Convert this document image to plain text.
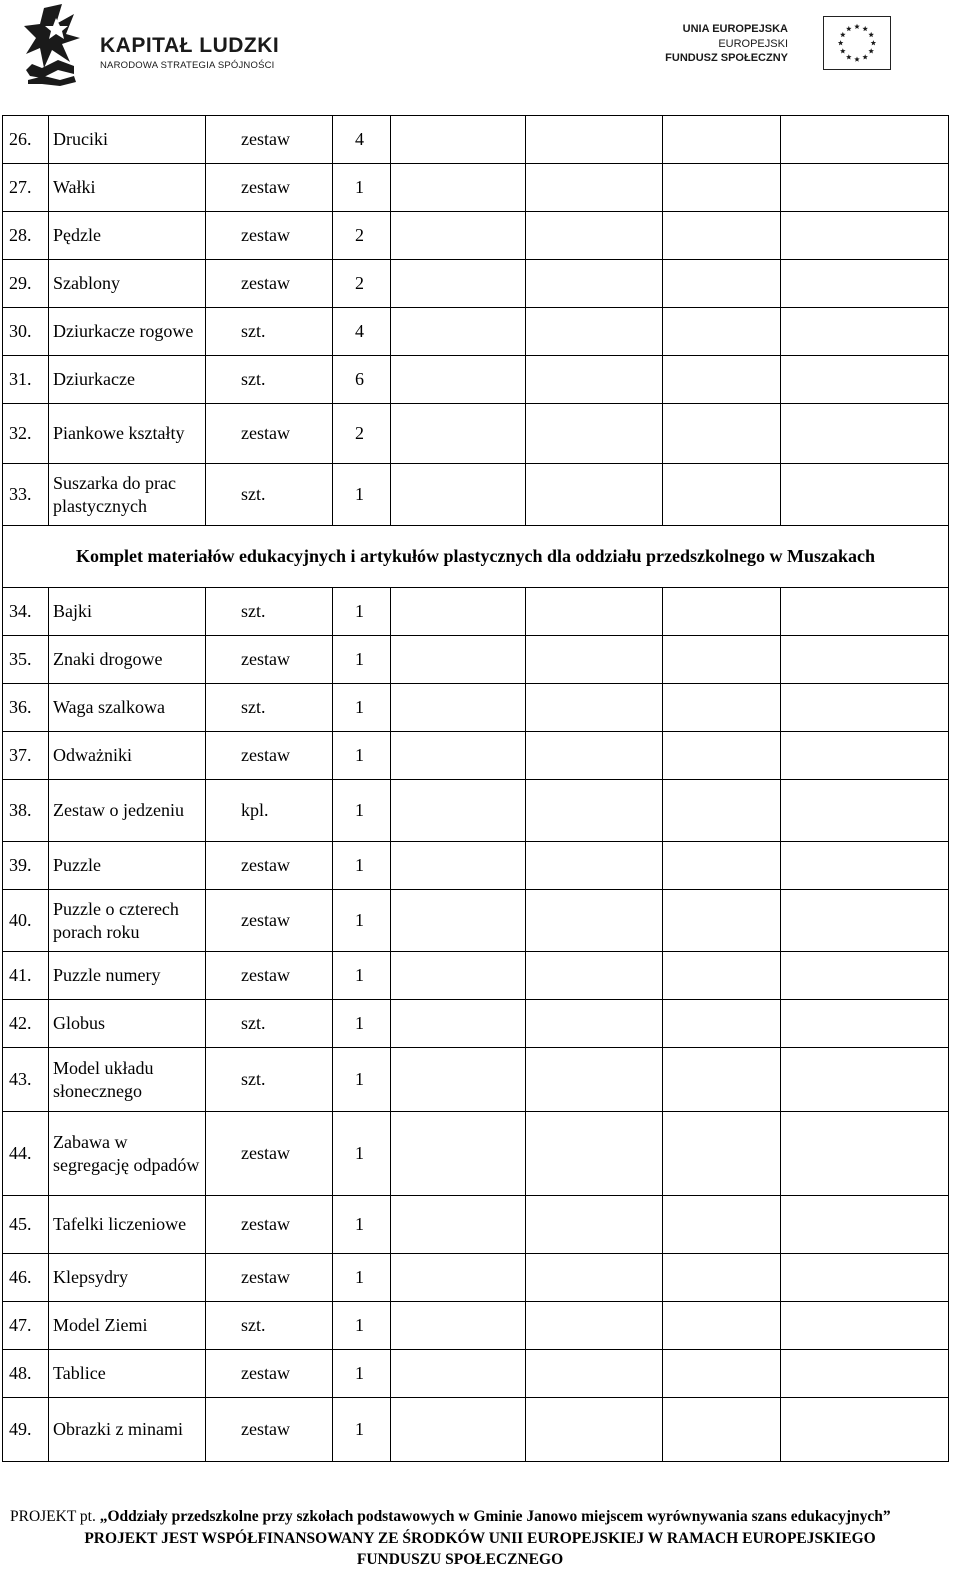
KAPITAŁ LUDZKI
NARODOWA STRATEGIA SPÓJNOŚCI
UNIA EUROPEJSKA
EUROPEJSKI
FUNDUSZ SPOŁECZNY
26.	Druciki	zestaw	4				
27.	Wałki	zestaw	1				
28.	Pędzle	zestaw	2				
29.	Szablony	zestaw	2				
30.	Dziurkacze rogowe	szt.	4				
31.	Dziurkacze	szt.	6				
32.	Piankowe kształty	zestaw	2				
33.	Suszarka do prac plastycznych	szt.	1				
Komplet materiałów edukacyjnych i artykułów plastycznych dla oddziału przedszkolnego w Muszakach							
34.	Bajki	szt.	1				
35.	Znaki drogowe	zestaw	1				
36.	Waga szalkowa	szt.	1				
37.	Odważniki	zestaw	1				
38.	Zestaw o jedzeniu	kpl.	1				
39.	Puzzle	zestaw	1				
40.	Puzzle o czterech porach roku	zestaw	1				
41.	Puzzle numery	zestaw	1				
42.	Globus	szt.	1				
43.	Model układu słonecznego	szt.	1				
44.	Zabawa w segregację odpadów	zestaw	1				
45.	Tafelki liczeniowe	zestaw	1				
46.	Klepsydry	zestaw	1				
47.	Model Ziemi	szt.	1				
48.	Tablice	zestaw	1				
49.	Obrazki z minami	zestaw	1				
PROJEKT pt. „Oddziały przedszkolne przy szkołach podstawowych w Gminie Janowo miejscem wyrównywania szans edukacyjnych”
PROJEKT JEST WSPÓŁFINANSOWANY ZE ŚRODKÓW UNII EUROPEJSKIEJ W RAMACH EUROPEJSKIEGO
FUNDUSZU SPOŁECZNEGO
